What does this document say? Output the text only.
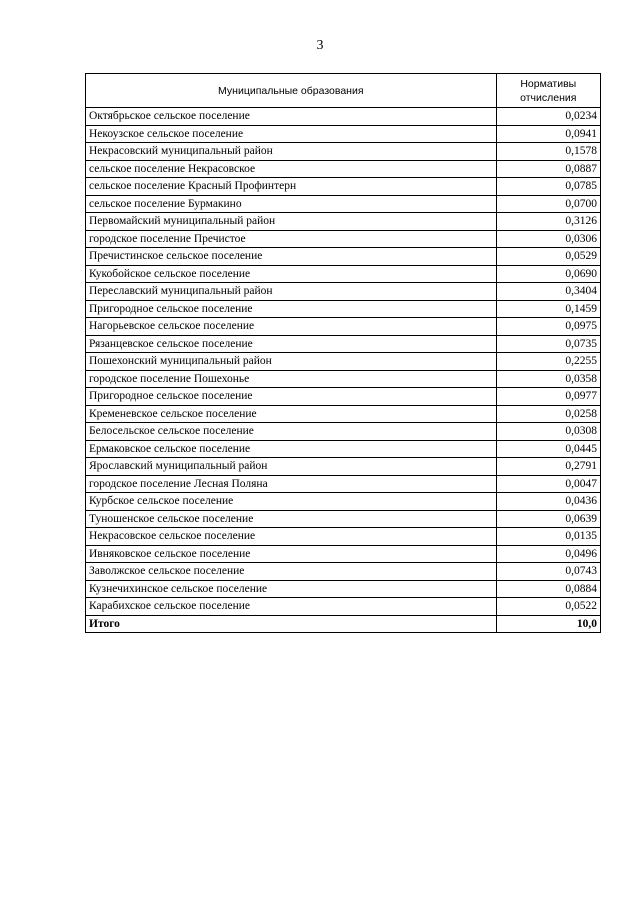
3
Муниципальные образования	Нормативы
отчисления
Октябрьское сельское поселение	0,0234
Некоузское сельское поселение	0,0941
Некрасовский муниципальный район	0,1578
сельское поселение Некрасовское	0,0887
сельское поселение Красный Профинтерн	0,0785
сельское поселение Бурмакино	0,0700
Первомайский муниципальный район	0,3126
городское поселение Пречистое	0,0306
Пречистинское сельское поселение	0,0529
Кукобойское сельское поселение	0,0690
Переславский муниципальный район	0,3404
Пригородное сельское поселение	0,1459
Нагорьевское сельское поселение	0,0975
Рязанцевское сельское поселение	0,0735
Пошехонский муниципальный район	0,2255
городское поселение Пошехонье	0,0358
Пригородное сельское поселение	0,0977
Кременевское сельское поселение	0,0258
Белосельское сельское поселение	0,0308
Ермаковское сельское поселение	0,0445
Ярославский муниципальный район	0,2791
городское поселение Лесная Поляна	0,0047
Курбское сельское поселение	0,0436
Туношенское сельское поселение	0,0639
Некрасовское сельское поселение	0,0135
Ивняковское сельское поселение	0,0496
Заволжское сельское поселение	0,0743
Кузнечихинское сельское поселение	0,0884
Карабихское сельское поселение	0,0522
Итого	10,0
